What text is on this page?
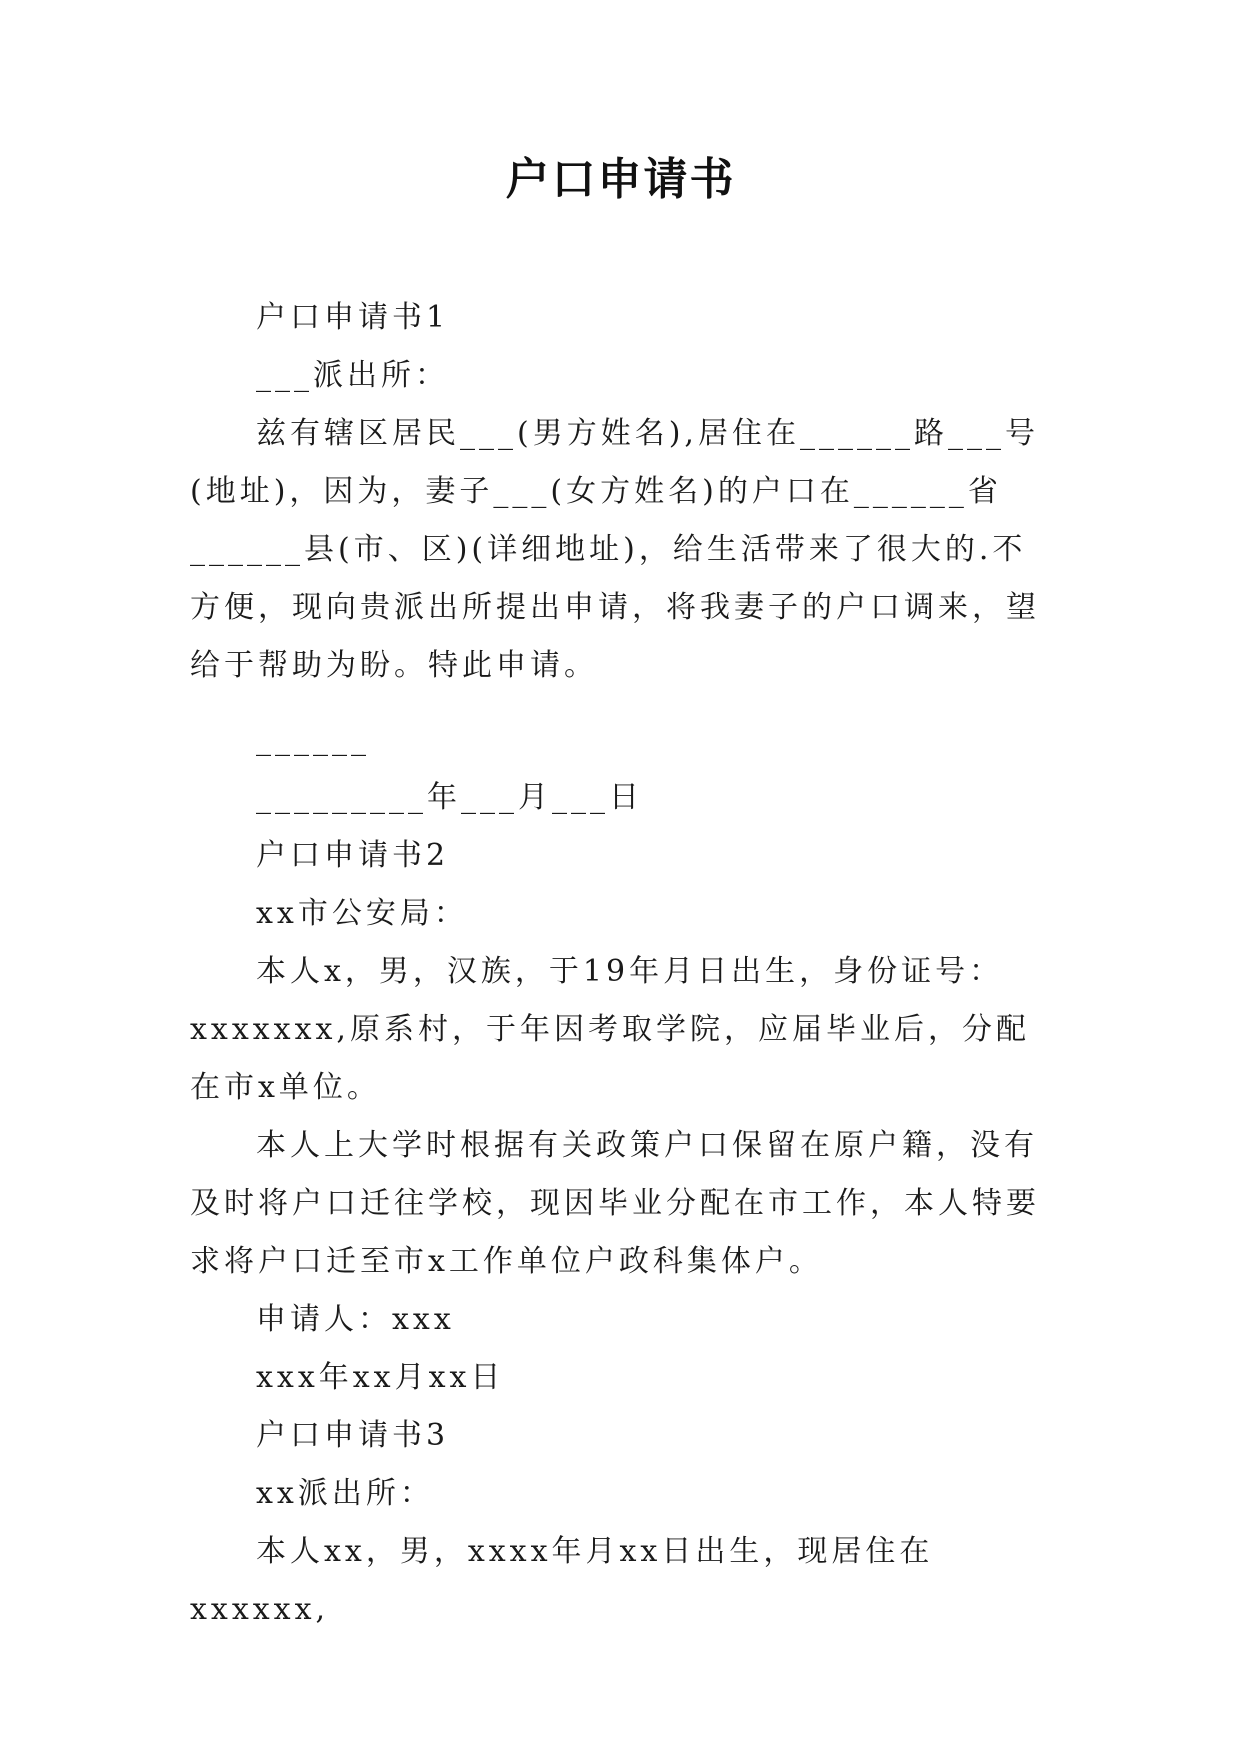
户口申请书

户口申请书1

___派出所：

兹有辖区居民___(男方姓名),居住在______路___号(地址)，因为，妻子___(女方姓名)的户口在______省______县(市、区)(详细地址)，给生活带来了很大的.不方便，现向贵派出所提出申请，将我妻子的户口调来，望给于帮助为盼。特此申请。

______

_________年___月___日

户口申请书2

xx市公安局：

本人x，男，汉族，于19年月日出生，身份证号：xxxxxxx,原系村，于年因考取学院，应届毕业后，分配在市x单位。

本人上大学时根据有关政策户口保留在原户籍，没有及时将户口迁往学校，现因毕业分配在市工作，本人特要求将户口迁至市x工作单位户政科集体户。

申请人：xxx

xxx年xx月xx日

户口申请书3

xx派出所：

本人xx，男，xxxx年月xx日出生，现居住在xxxxxx,
